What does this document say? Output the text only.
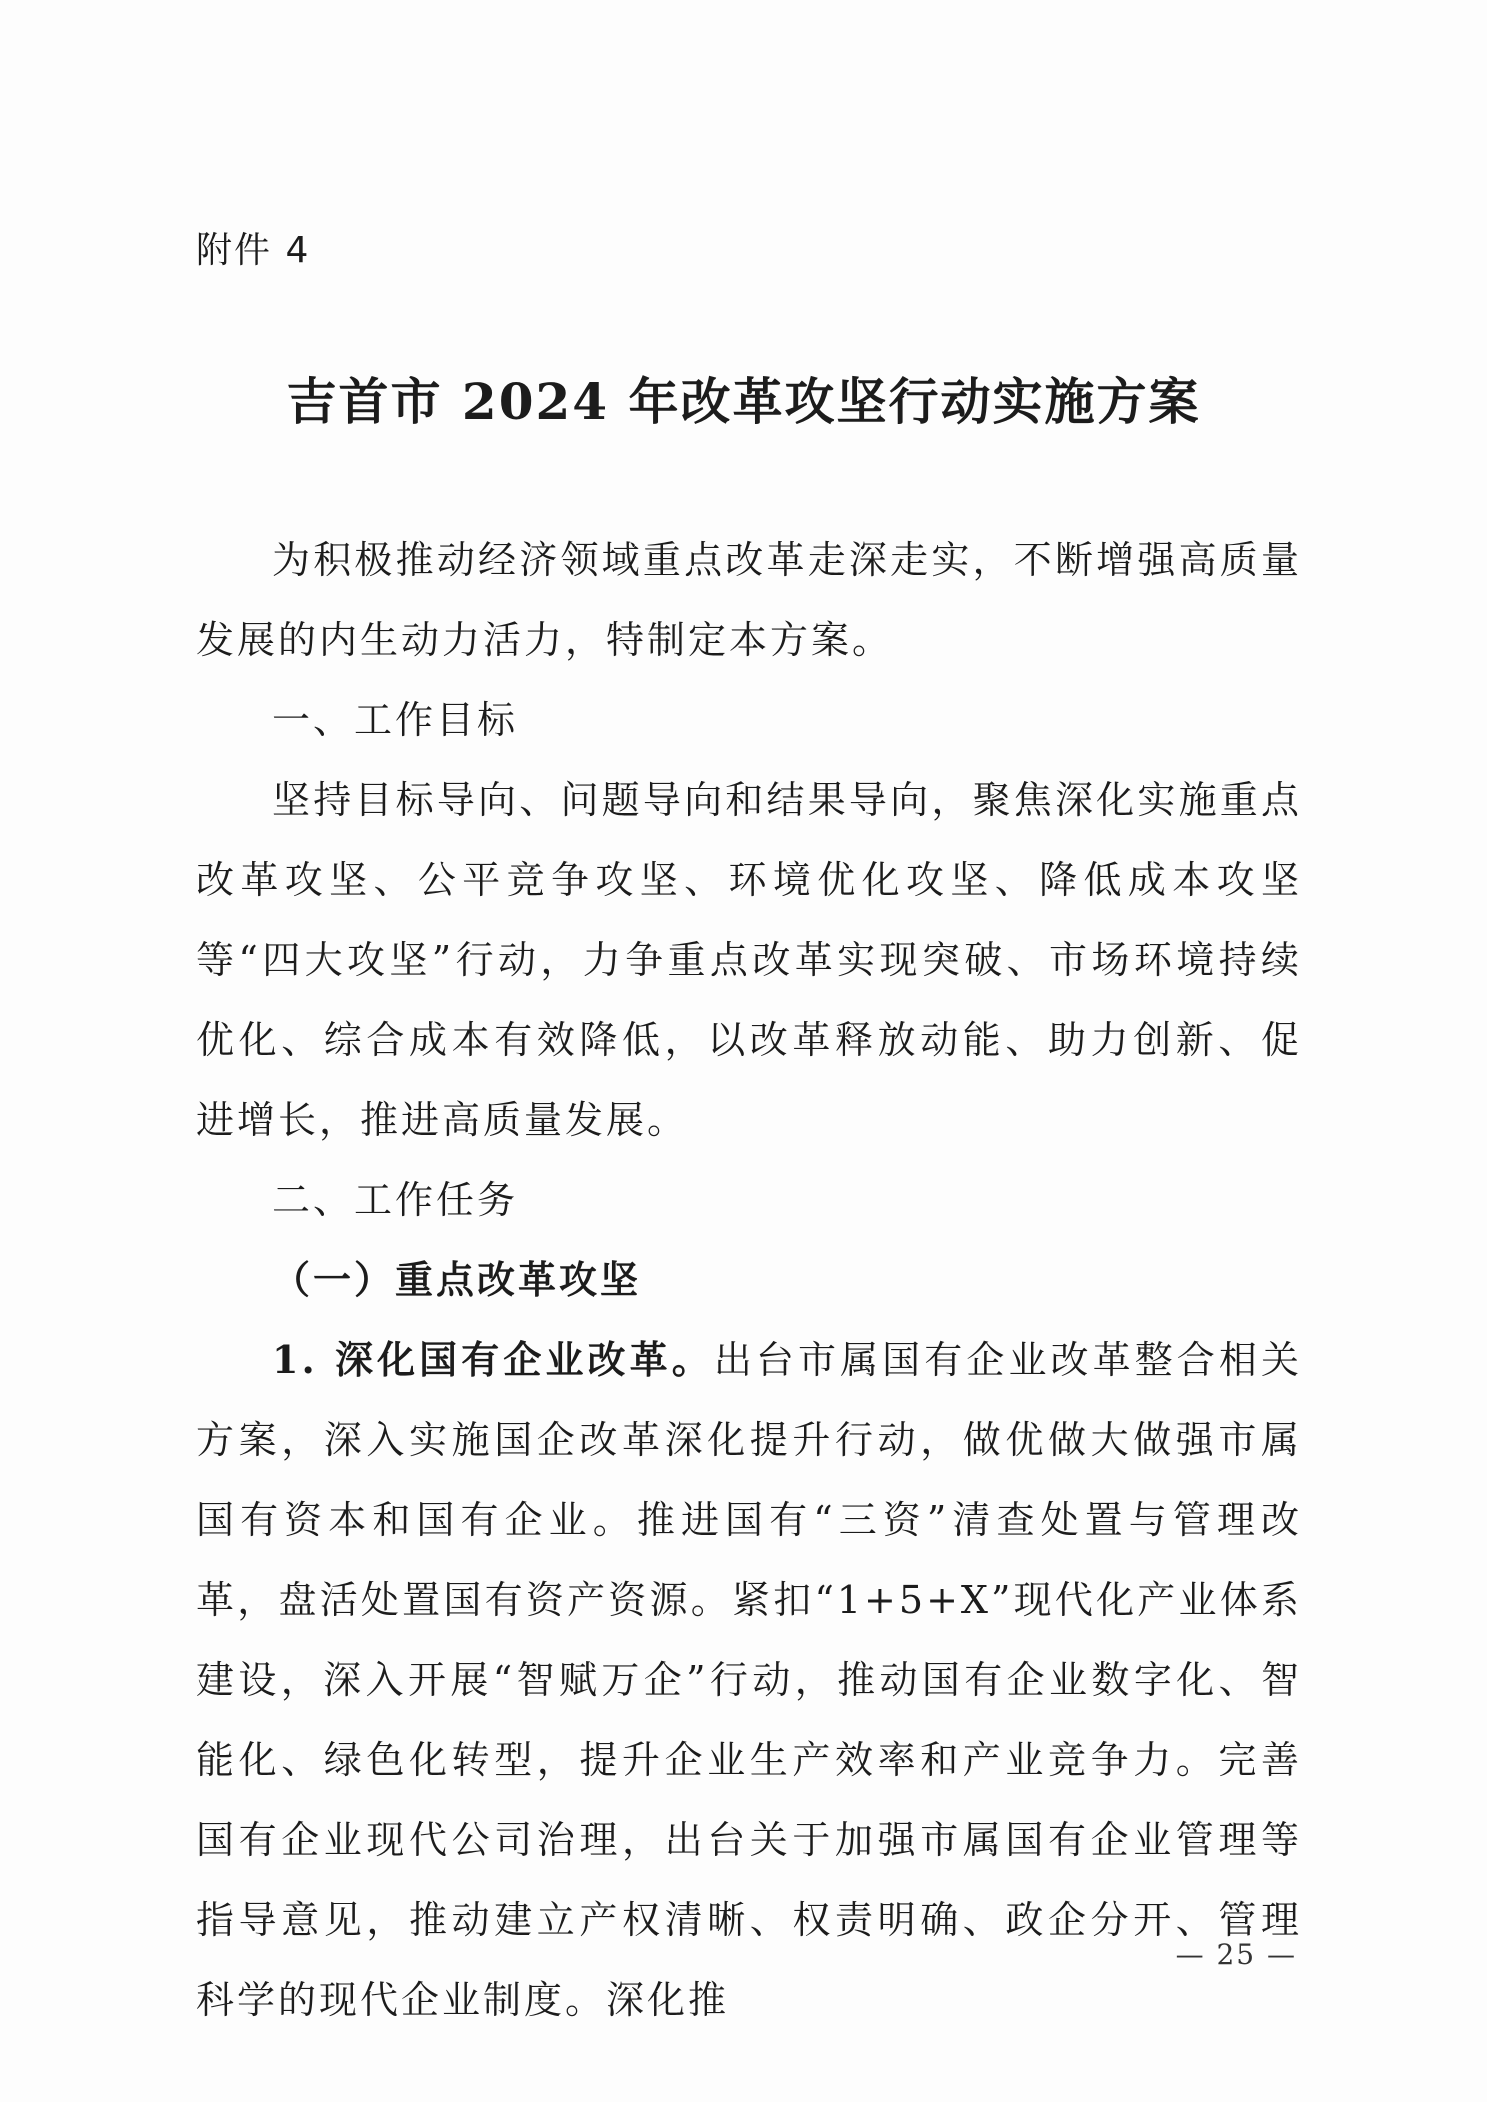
附件 4
吉首市 2024 年改革攻坚行动实施方案

为积极推动经济领域重点改革走深走实，不断增强高质量发展的内生动力活力，特制定本方案。

一、工作目标

坚持目标导向、问题导向和结果导向，聚焦深化实施重点改革攻坚、公平竞争攻坚、环境优化攻坚、降低成本攻坚等“四大攻坚”行动，力争重点改革实现突破、市场环境持续优化、综合成本有效降低，以改革释放动能、助力创新、促进增长，推进高质量发展。

二、工作任务

（一）重点改革攻坚

1. 深化国有企业改革。出台市属国有企业改革整合相关方案，深入实施国企改革深化提升行动，做优做大做强市属国有资本和国有企业。推进国有“三资”清查处置与管理改革，盘活处置国有资产资源。紧扣“1+5+X”现代化产业体系建设，深入开展“智赋万企”行动，推动国有企业数字化、智能化、绿色化转型，提升企业生产效率和产业竞争力。完善国有企业现代公司治理，出台关于加强市属国有企业管理等指导意见，推动建立产权清晰、权责明确、政企分开、管理科学的现代企业制度。深化推

— 25 —
